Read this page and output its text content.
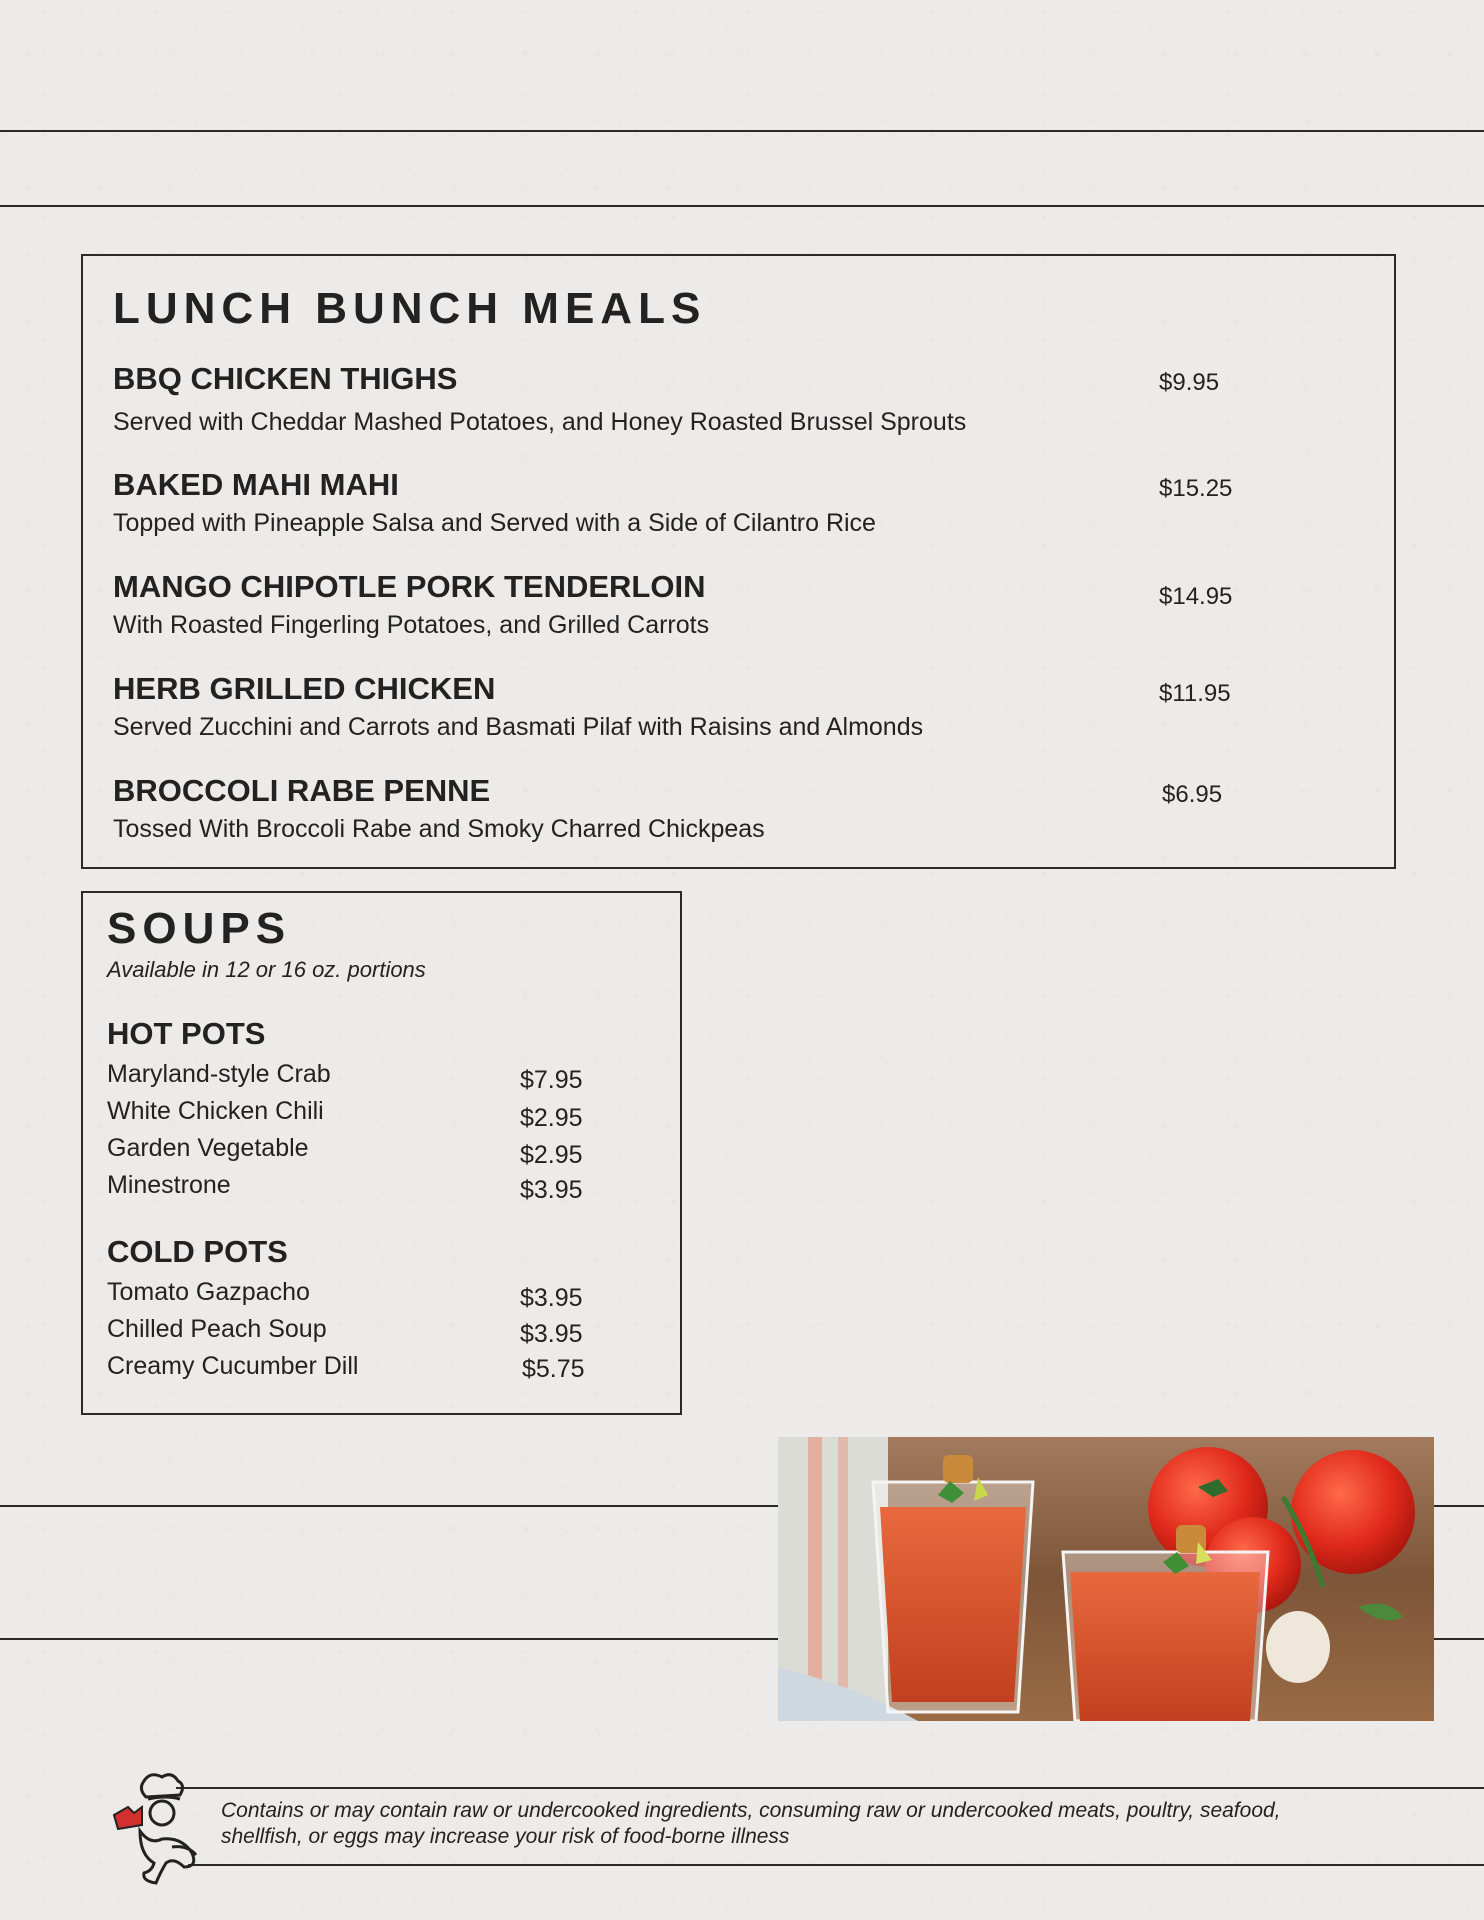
LUNCH BUNCH MEALS
BBQ CHICKEN THIGHS	$9.95
Served with Cheddar Mashed Potatoes, and Honey Roasted Brussel Sprouts
BAKED MAHI MAHI	$15.25
Topped with Pineapple Salsa and Served with a Side of Cilantro Rice
MANGO CHIPOTLE PORK TENDERLOIN	$14.95
With Roasted Fingerling Potatoes, and Grilled Carrots
HERB GRILLED CHICKEN	$11.95
Served Zucchini and Carrots and Basmati Pilaf with Raisins and Almonds
BROCCOLI RABE PENNE	$6.95
Tossed With Broccoli Rabe and Smoky Charred Chickpeas
SOUPS
Available in 12 or 16 oz. portions
HOT POTS
Maryland-style Crab	$7.95
White Chicken Chili	$2.95
Garden Vegetable	$2.95
Minestrone	$3.95
COLD POTS
Tomato Gazpacho	$3.95
Chilled Peach Soup	$3.95
Creamy Cucumber Dill	$5.75
Contains or may contain raw or undercooked ingredients, consuming raw or undercooked meats, poultry, seafood,
shellfish, or eggs may increase your risk of food-borne illness
